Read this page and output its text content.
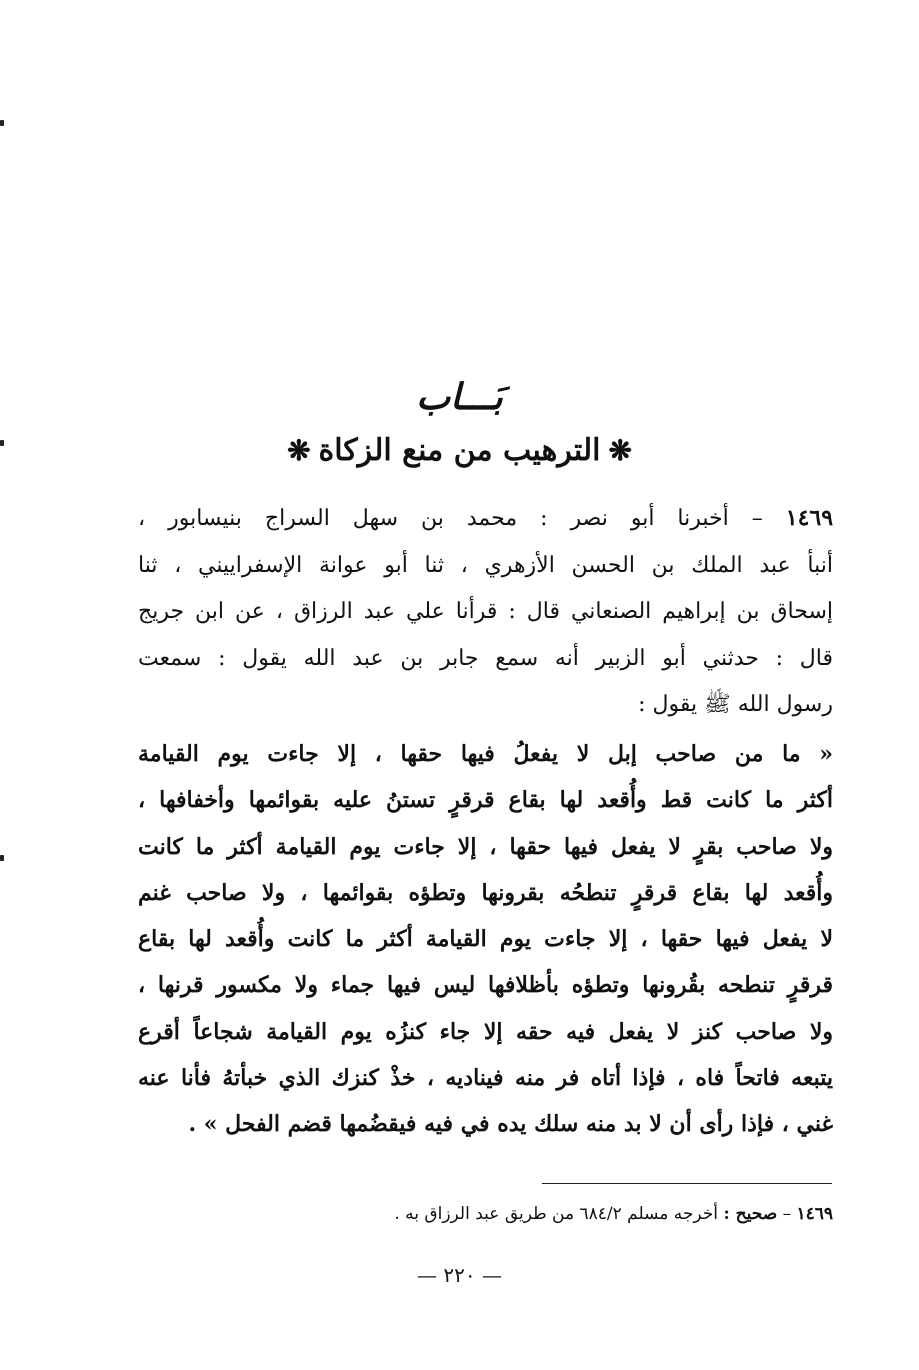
بَـــاب
❋الترهيب من منع الزكاة❋
١٤٦٩ – أخبرنا أبو نصر : محمد بن سهل السراج بنيسابور ،
أنبأ عبد الملك بن الحسن الأزهري ، ثنا أبو عوانة الإسفراييني ، ثنا
إسحاق بن إبراهيم الصنعاني قال : قرأنا علي عبد الرزاق ، عن ابن جريج
قال : حدثني أبو الزبير أنه سمع جابر بن عبد الله يقول : سمعت
رسول الله ﷺ يقول :
« ما من صاحب إبل لا يفعلُ فيها حقها ، إلا جاءت يوم القيامة
أكثر ما كانت قط وأُقعد لها بقاع قرقرٍ تستنُ عليه بقوائمها وأخفافها ،
ولا صاحب بقرٍ لا يفعل فيها حقها ، إلا جاءت يوم القيامة أكثر ما كانت
وأُقعد لها بقاع قرقرٍ تنطحُه بقرونها وتطؤه بقوائمها ، ولا صاحب غنم
لا يفعل فيها حقها ، إلا جاءت يوم القيامة أكثر ما كانت وأُقعد لها بقاع
قرقرٍ تنطحه بقُرونها وتطؤه بأظلافها ليس فيها جماء ولا مكسور قرنها ،
ولا صاحب كنز لا يفعل فيه حقه إلا جاء كنزُه يوم القيامة شجاعاً أقرع
يتبعه فاتحاً فاه ، فإذا أتاه فر منه فيناديه ، خذْ كنزك الذي خبأتهُ فأنا عنه
غني ، فإذا رأى أن لا بد منه سلك يده في فيه فيقضُمها قضم الفحل » .
١٤٦٩ – صحيح : أخرجه مسلم ٦٨٤/٢ من طريق عبد الرزاق به .
— ٢٢٠ —
